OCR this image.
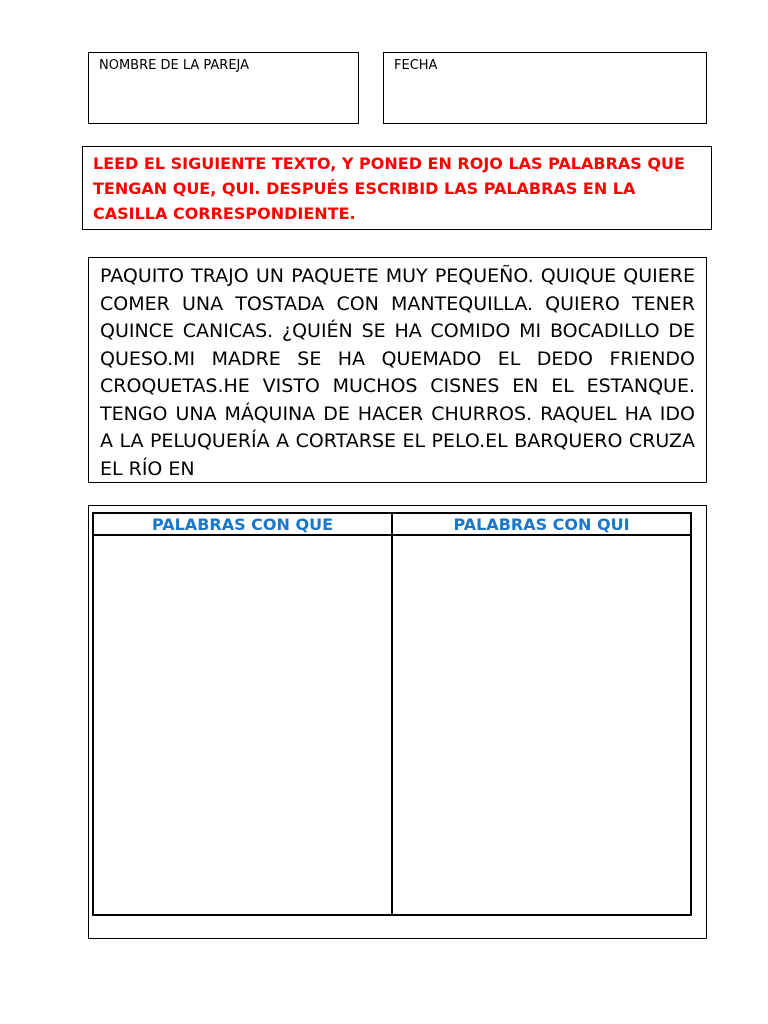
NOMBRE DE LA PAREJA	FECHA
LEED EL SIGUIENTE TEXTO, Y PONED EN ROJO LAS PALABRAS QUE TENGAN QUE, QUI. DESPUÉS ESCRIBID LAS PALABRAS EN LA CASILLA CORRESPONDIENTE.

PAQUITO TRAJO UN PAQUETE MUY PEQUEÑO. QUIQUE QUIERE COMER UNA TOSTADA CON MANTEQUILLA. QUIERO TENER QUINCE CANICAS. ¿QUIÉN SE HA COMIDO MI BOCADILLO DE QUESO.MI MADRE SE HA QUEMADO EL DEDO FRIENDO CROQUETAS.HE VISTO MUCHOS CISNES EN EL ESTANQUE. TENGO UNA MÁQUINA DE HACER CHURROS. RAQUEL HA IDO A LA PELUQUERÍA A CORTARSE EL PELO.EL BARQUERO CRUZA EL RÍO EN

PALABRAS CON QUE	PALABRAS CON QUI
